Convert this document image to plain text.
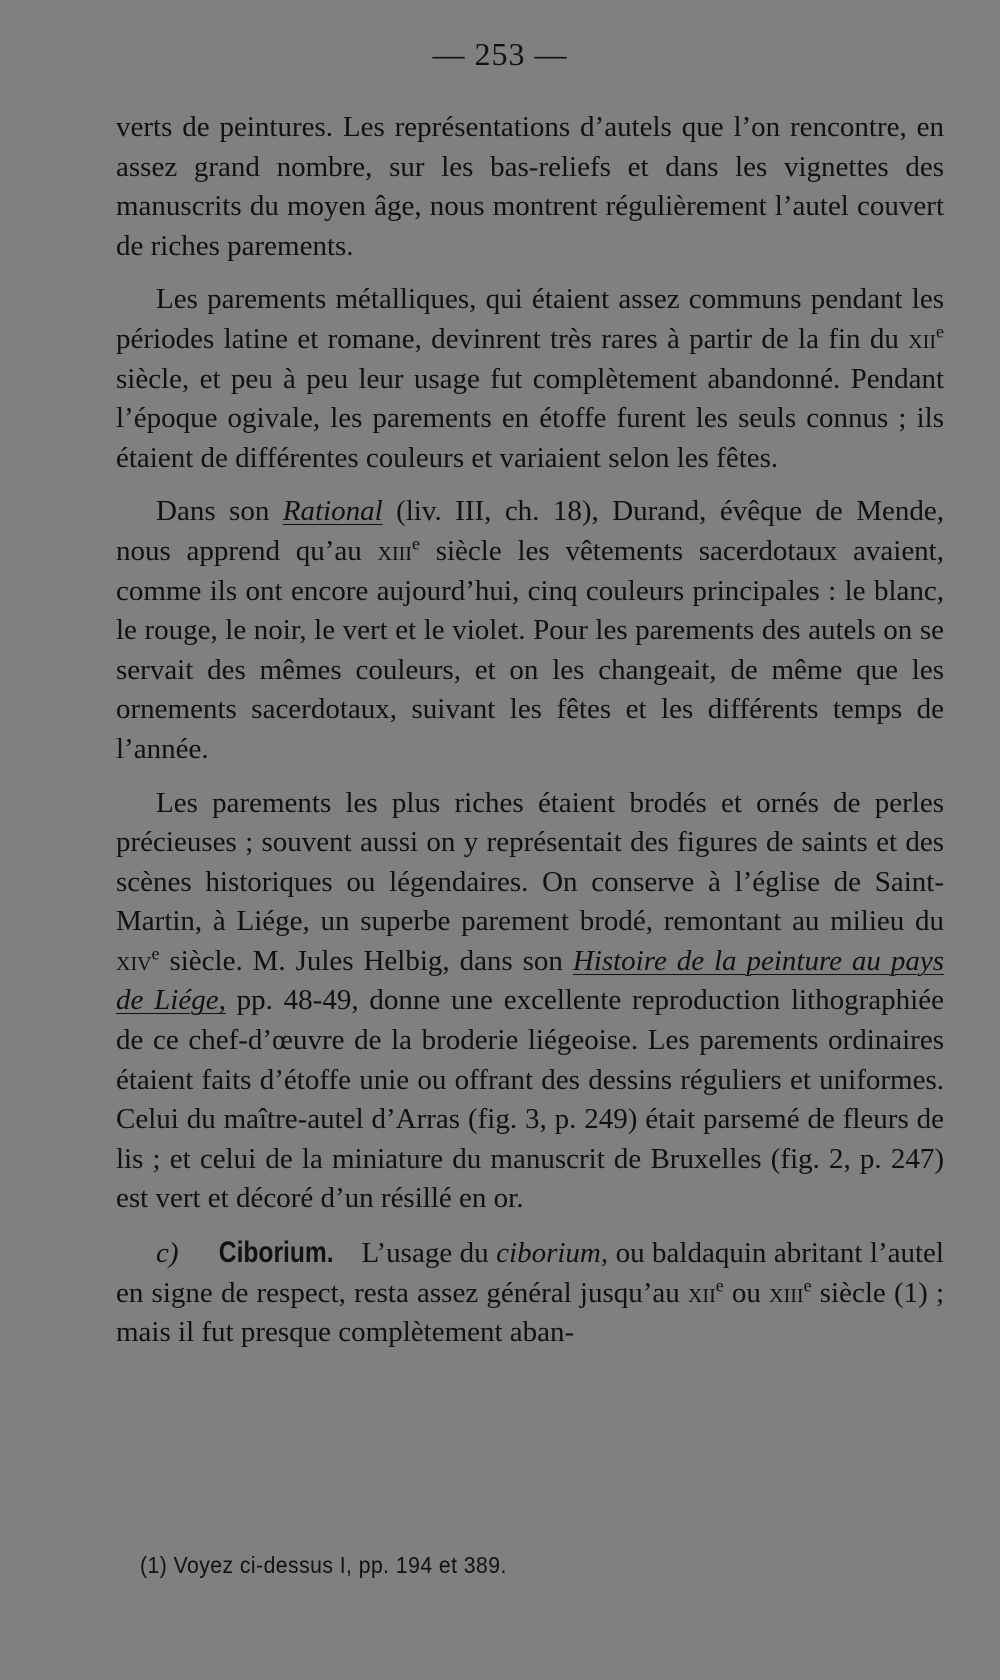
— 253 —

verts de peintures. Les représentations d’autels que l’on rencontre, en assez grand nombre, sur les bas-reliefs et dans les vignettes des manuscrits du moyen âge, nous montrent régulièrement l’autel couvert de riches parements.

Les parements métalliques, qui étaient assez communs pendant les périodes latine et romane, devinrent très rares à partir de la fin du xii$^e$ siècle, et peu à peu leur usage fut complètement abandonné. Pendant l’époque ogivale, les parements en étoffe furent les seuls connus ; ils étaient de différentes couleurs et variaient selon les fêtes.

Dans son Rational (liv. III, ch. 18), Durand, évêque de Mende, nous apprend qu’au xiii$^e$ siècle les vêtements sacerdotaux avaient, comme ils ont encore aujourd’hui, cinq couleurs principales : le blanc, le rouge, le noir, le vert et le violet. Pour les parements des autels on se servait des mêmes couleurs, et on les changeait, de même que les ornements sacerdotaux, suivant les fêtes et les différents temps de l’année.

Les parements les plus riches étaient brodés et ornés de perles précieuses ; souvent aussi on y représentait des figures de saints et des scènes historiques ou légendaires. On conserve à l’église de Saint-Martin, à Liége, un superbe parement brodé, remontant au milieu du xiv$^e$ siècle. M. Jules Helbig, dans son Histoire de la peinture au pays de Liége, pp. 48-49, donne une excellente reproduction lithographiée de ce chef-d’œuvre de la broderie liégeoise. Les parements ordinaires étaient faits d’étoffe unie ou offrant des dessins réguliers et uniformes. Celui du maître-autel d’Arras (fig. 3, p. 249) était parsemé de fleurs de lis ; et celui de la miniature du manuscrit de Bruxelles (fig. 2, p. 247) est vert et décoré d’un résillé en or.

c) Ciborium. L’usage du ciborium, ou baldaquin abritant l’autel en signe de respect, resta assez général jusqu’au xii$^e$ ou xiii$^e$ siècle (1) ; mais il fut presque complètement aban-

(1) Voyez ci-dessus I, pp. 194 et 389.
